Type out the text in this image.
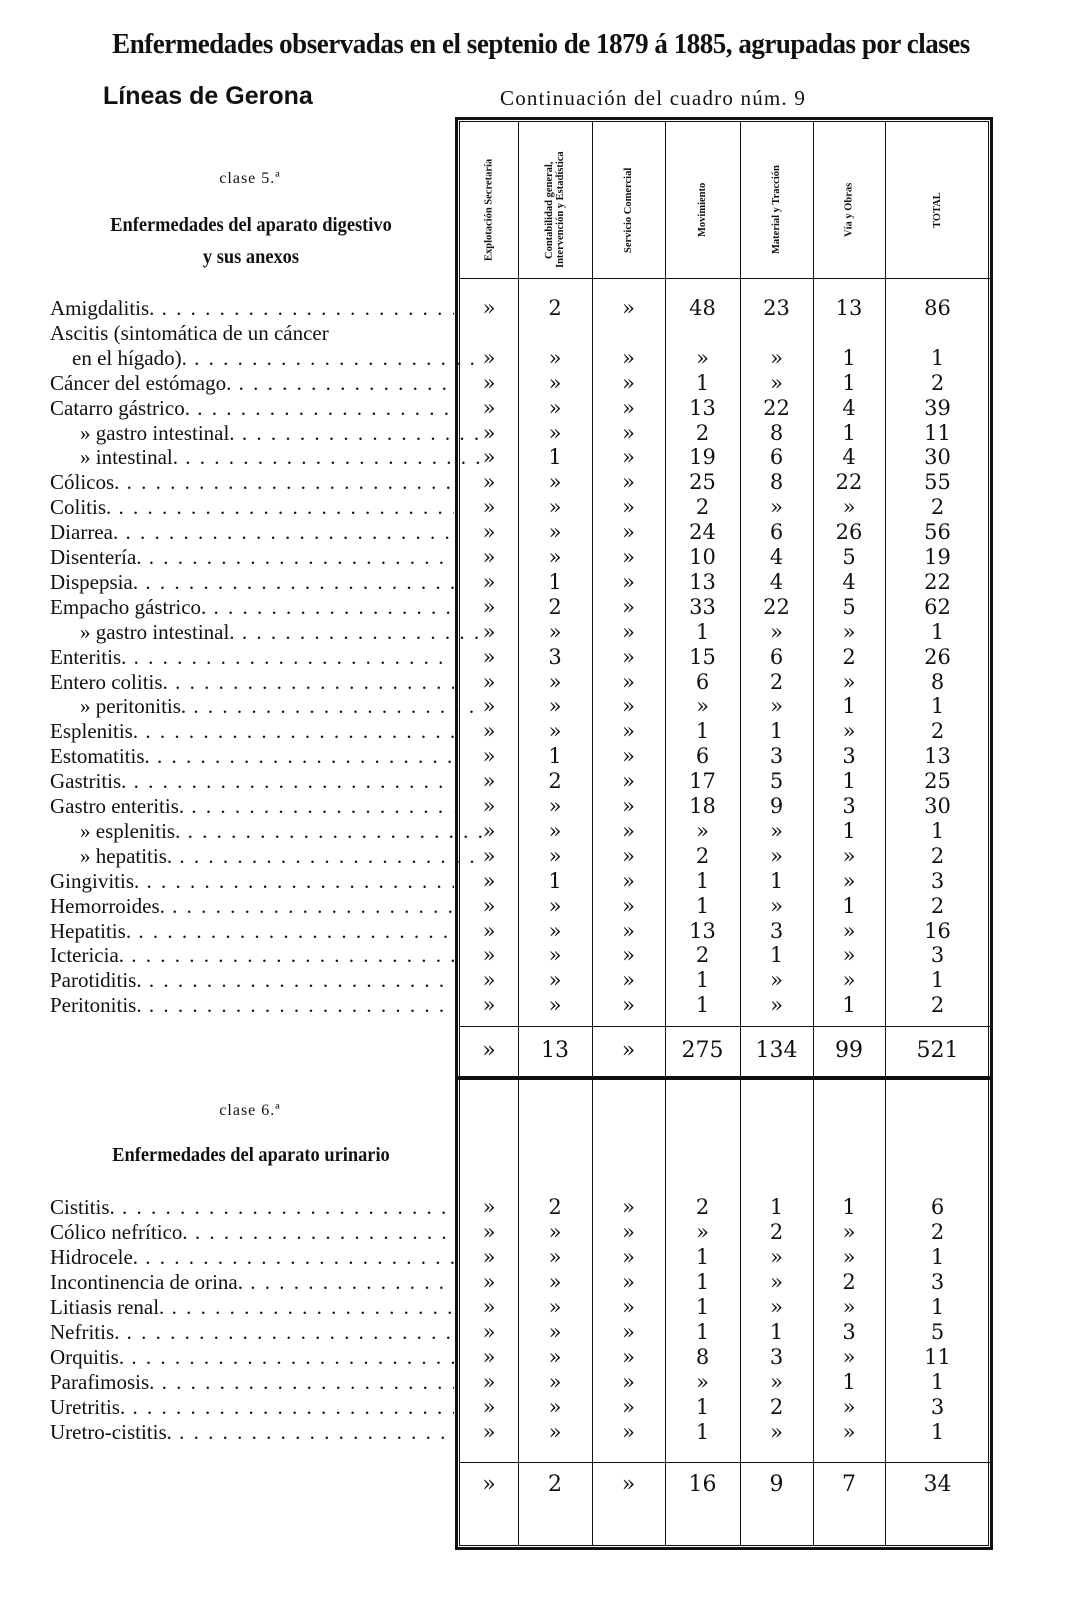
Enfermedades observadas en el septenio de 1879 á 1885, agrupadas por clases

Líneas de Gerona	Continuación del cuadro núm. 9

Explotación Secretaría	Contabilidad general, Intervención y Estadística	Servicio Comercial	Movimiento	Material y Tracción	Vía y Obras	TOTAL

clase 5.ª

Enfermedades del aparato digestivo

y sus anexos

clase 6.ª

Enfermedades del aparato urinario

Amigdalitis. . . .	»	2	»	48	23	13	86
Ascitis (sintomática de un cáncer
en el hígado). . . .	»	»	»	»	»	1	1
Cáncer del estómago. . . .	»	»	»	1	»	1	2
Catarro gástrico. . . .	»	»	»	13	22	4	39
» gastro intestinal. . . .	»	»	»	2	8	1	11
» intestinal. . . .	»	1	»	19	6	4	30
Cólicos. . . .	»	»	»	25	8	22	55
Colitis. . . .	»	»	»	2	»	»	2
Diarrea. . . .	»	»	»	24	6	26	56
Disentería. . . .	»	»	»	10	4	5	19
Dispepsia. . . .	»	1	»	13	4	4	22
Empacho gástrico. . . .	»	2	»	33	22	5	62
» gastro intestinal. . . .	»	»	»	1	»	»	1
Enteritis. . . .	»	3	»	15	6	2	26
Entero colitis. . . .	»	»	»	6	2	»	8
» peritonitis. . . .	»	»	»	»	»	1	1
Esplenitis. . . .	»	»	»	1	1	»	2
Estomatitis. . . .	»	1	»	6	3	3	13
Gastritis. . . .	»	2	»	17	5	1	25
Gastro enteritis. . . .	»	»	»	18	9	3	30
» esplenitis. . . .	»	»	»	»	»	1	1
» hepatitis. . . .	»	»	»	2	»	»	2
Gingivitis. . . .	»	1	»	1	1	»	3
Hemorroides. . . .	»	»	»	1	»	1	2
Hepatitis. . . .	»	»	»	13	3	»	16
Ictericia. . . .	»	»	»	2	1	»	3
Parotiditis. . . .	»	»	»	1	»	»	1
Peritonitis. . . .	»	»	»	1	»	1	2
»	13	»	275	134	99	521
Cistitis. . . .	»	2	»	2	1	1	6
Cólico nefrítico. . . .	»	»	»	»	2	»	2
Hidrocele. . . .	»	»	»	1	»	»	1
Incontinencia de orina. . . .	»	»	»	1	»	2	3
Litiasis renal. . . .	»	»	»	1	»	»	1
Nefritis. . . .	»	»	»	1	1	3	5
Orquitis. . . .	»	»	»	8	3	»	11
Parafimosis. . . .	»	»	»	»	»	1	1
Uretritis. . . .	»	»	»	1	2	»	3
Uretro-cistitis. . . .	»	»	»	1	»	»	1
»	2	»	16	9	7	34
